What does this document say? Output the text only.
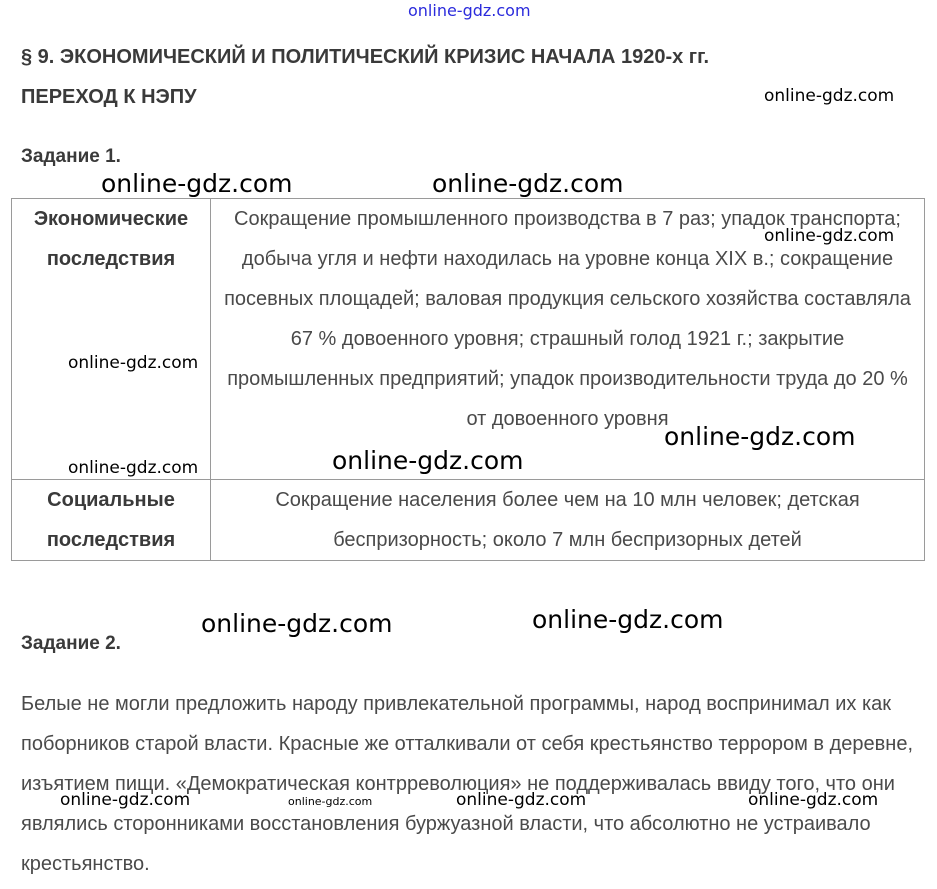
§ 9. ЭКОНОМИЧЕСКИЙ И ПОЛИТИЧЕСКИЙ КРИЗИС НАЧАЛА 1920-х гг.
ПЕРЕХОД К НЭПУ
Задание 1.
Экономические последствия	Сокращение промышленного производства в 7 раз; упадок транспорта; добыча угля и нефти находилась на уровне конца XIX в.; сокращение посевных площадей; валовая продукция сельского хозяйства составляла 67 % довоенного уровня; страшный голод 1921 г.; закрытие промышленных предприятий; упадок производительности труда до 20 % от довоенного уровня
Социальные последствия	Сокращение населения более чем на 10 млн человек; детская беспризорность; около 7 млн беспризорных детей
Задание 2.
Белые не могли предложить народу привлекательной программы, народ воспринимал их как поборников старой власти. Красные же отталкивали от себя крестьянство террором в деревне, изъятием пищи. «Демократическая контрреволюция» не поддерживалась ввиду того, что они являлись сторонниками восстановления буржуазной власти, что абсолютно не устраивало крестьянство.
online-gdz.com
online-gdz.com
online-gdz.com	online-gdz.com
online-gdz.com
online-gdz.com
online-gdz.com
online-gdz.com
online-gdz.com
online-gdz.com	online-gdz.com
online-gdz.com	online-gdz.com	online-gdz.com	online-gdz.com
